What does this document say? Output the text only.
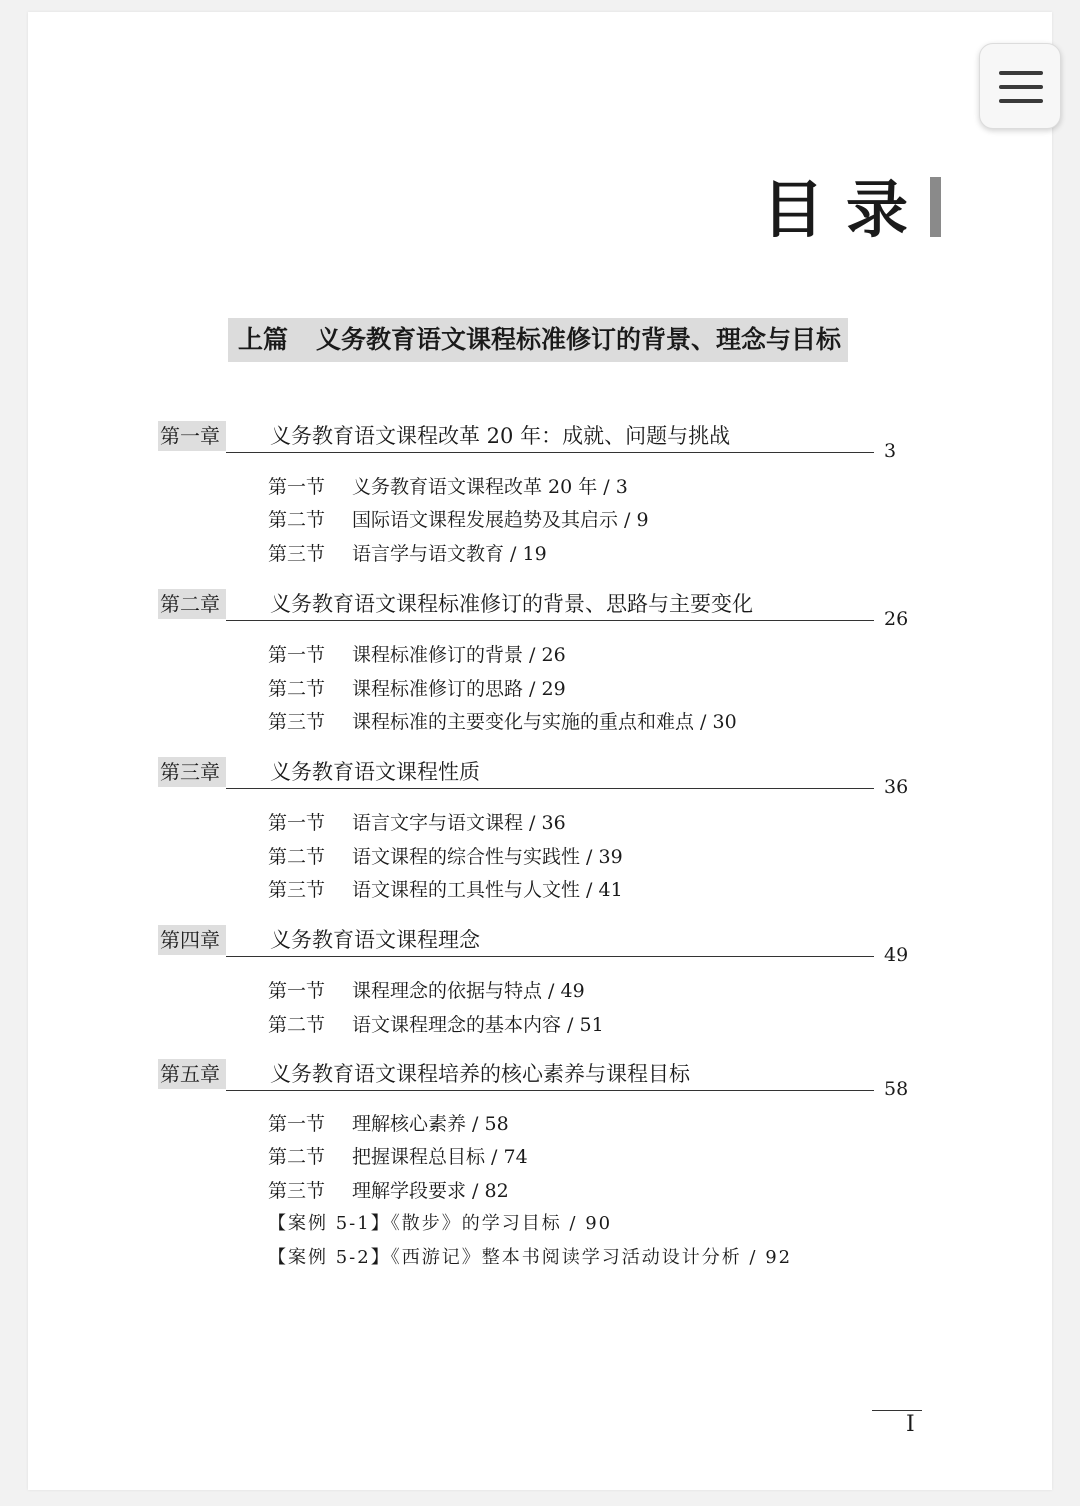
目录
上篇 义务教育语文课程标准修订的背景、理念与目标
第一章 义务教育语文课程改革 20 年：成就、问题与挑战
3
第一节 义务教育语文课程改革 20 年 / 3
第二节 国际语文课程发展趋势及其启示 / 9
第三节 语言学与语文教育 / 19
第二章 义务教育语文课程标准修订的背景、思路与主要变化
26
第一节 课程标准修订的背景 / 26
第二节 课程标准修订的思路 / 29
第三节 课程标准的主要变化与实施的重点和难点 / 30
第三章 义务教育语文课程性质
36
第一节 语言文字与语文课程 / 36
第二节 语文课程的综合性与实践性 / 39
第三节 语文课程的工具性与人文性 / 41
第四章 义务教育语文课程理念
49
第一节 课程理念的依据与特点 / 49
第二节 语文课程理念的基本内容 / 51
第五章 义务教育语文课程培养的核心素养与课程目标
58
第一节 理解核心素养 / 58
第二节 把握课程总目标 / 74
第三节 理解学段要求 / 82
【案例 5-1】《散步》的学习目标 / 90
【案例 5-2】《西游记》整本书阅读学习活动设计分析 / 92
I
